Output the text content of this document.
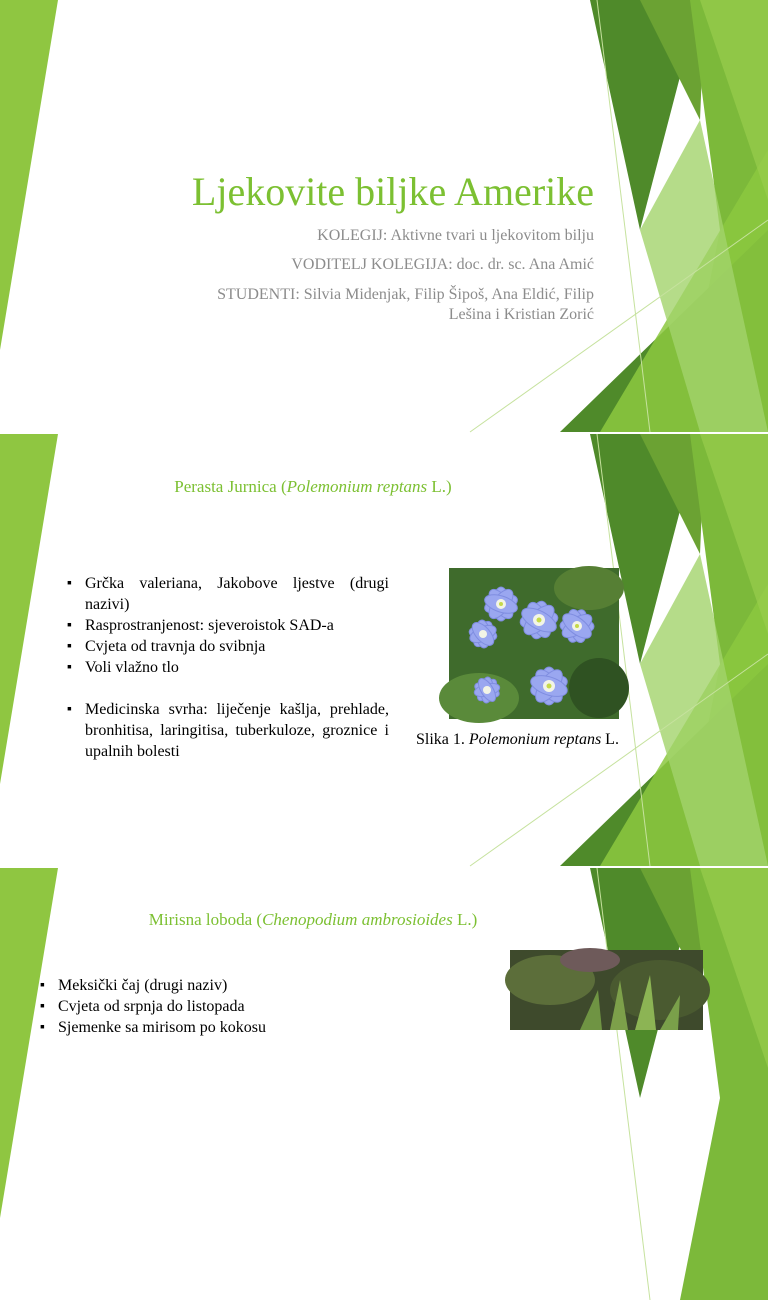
Ljekovite biljke Amerike
KOLEGIJ: Aktivne tvari u ljekovitom bilju
VODITELJ KOLEGIJA: doc. dr. sc. Ana Amić
STUDENTI: Silvia Midenjak, Filip Šipoš, Ana Eldić, Filip
Lešina i Kristian Zorić
Perasta Jurnica (Polemonium reptans L.)
▪ Grčka valeriana, Jakobove ljestve (drugi nazivi)
▪ Rasprostranjenost: sjeveroistok SAD-a
▪ Cvjeta od travnja do svibnja
▪ Voli vlažno tlo
▪ Medicinska svrha: liječenje kašlja, prehlade, bronhitisa, laringitisa, tuberkuloze, groznice i upalnih bolesti
Slika 1. Polemonium reptans L.
Mirisna loboda (Chenopodium ambrosioides L.)
▪ Meksički čaj (drugi naziv)
▪ Cvjeta od srpnja do listopada
▪ Sjemenke sa mirisom po kokosu
